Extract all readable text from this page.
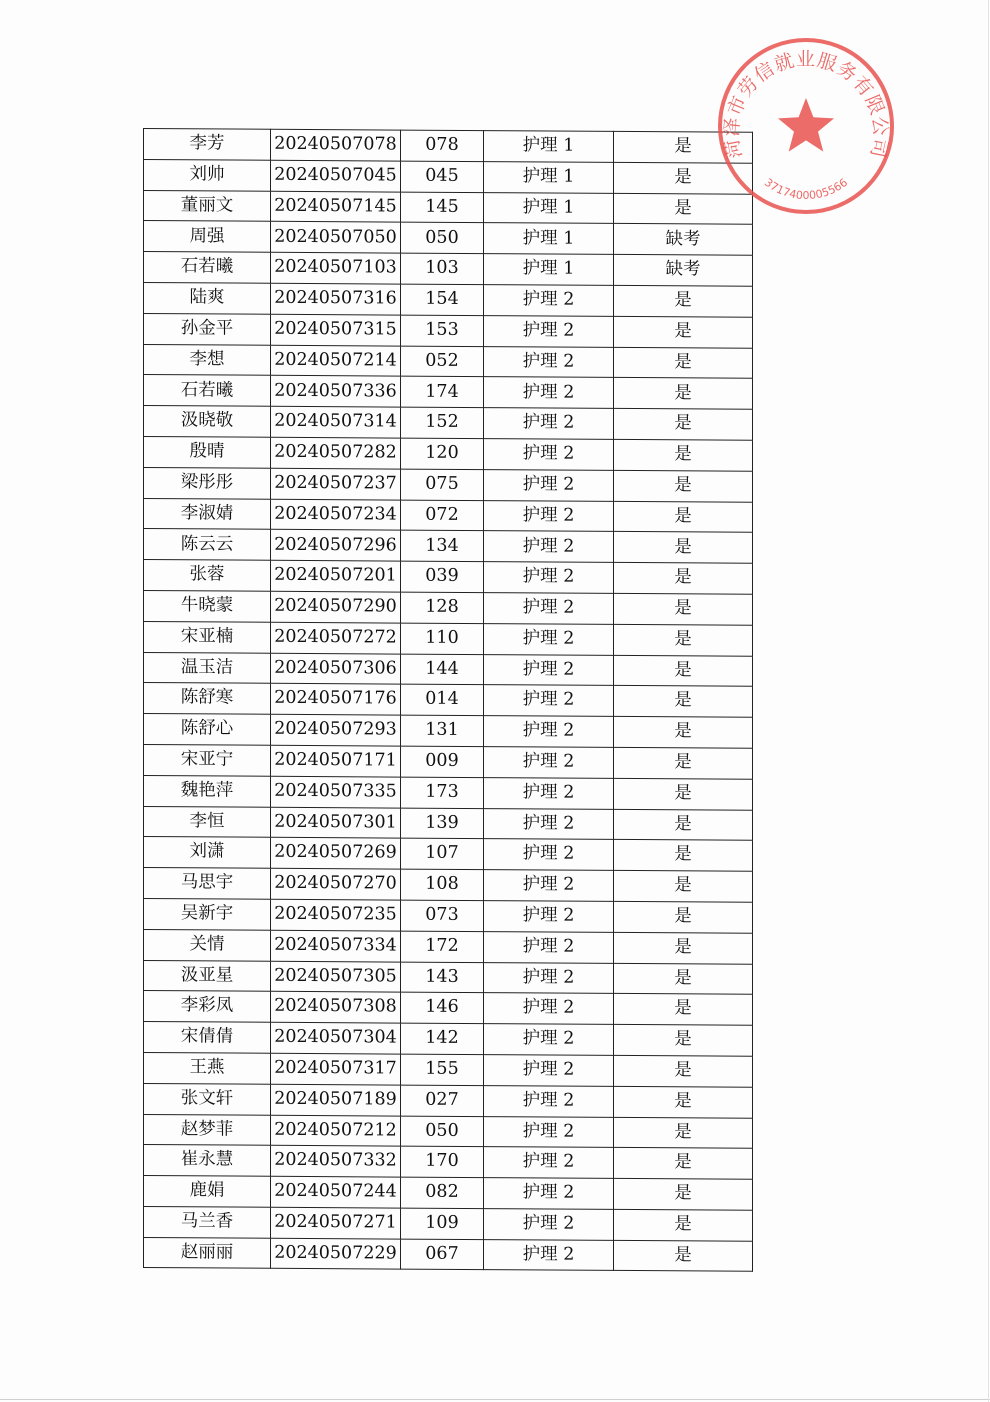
李芳	20240507078	078	护理 1	是
刘帅	20240507045	045	护理 1	是
董丽文	20240507145	145	护理 1	是
周强	20240507050	050	护理 1	缺考
石若曦	20240507103	103	护理 1	缺考
陆爽	20240507316	154	护理 2	是
孙金平	20240507315	153	护理 2	是
李想	20240507214	052	护理 2	是
石若曦	20240507336	174	护理 2	是
汲晓敬	20240507314	152	护理 2	是
殷晴	20240507282	120	护理 2	是
梁彤彤	20240507237	075	护理 2	是
李淑婧	20240507234	072	护理 2	是
陈云云	20240507296	134	护理 2	是
张蓉	20240507201	039	护理 2	是
牛晓蒙	20240507290	128	护理 2	是
宋亚楠	20240507272	110	护理 2	是
温玉洁	20240507306	144	护理 2	是
陈舒寒	20240507176	014	护理 2	是
陈舒心	20240507293	131	护理 2	是
宋亚宁	20240507171	009	护理 2	是
魏艳萍	20240507335	173	护理 2	是
李恒	20240507301	139	护理 2	是
刘潇	20240507269	107	护理 2	是
马思宇	20240507270	108	护理 2	是
吴新宇	20240507235	073	护理 2	是
关情	20240507334	172	护理 2	是
汲亚星	20240507305	143	护理 2	是
李彩凤	20240507308	146	护理 2	是
宋倩倩	20240507304	142	护理 2	是
王燕	20240507317	155	护理 2	是
张文轩	20240507189	027	护理 2	是
赵梦菲	20240507212	050	护理 2	是
崔永慧	20240507332	170	护理 2	是
鹿娟	20240507244	082	护理 2	是
马兰香	20240507271	109	护理 2	是
赵丽丽	20240507229	067	护理 2	是
菏泽市劳信就业服务有限公司
3717400005566
